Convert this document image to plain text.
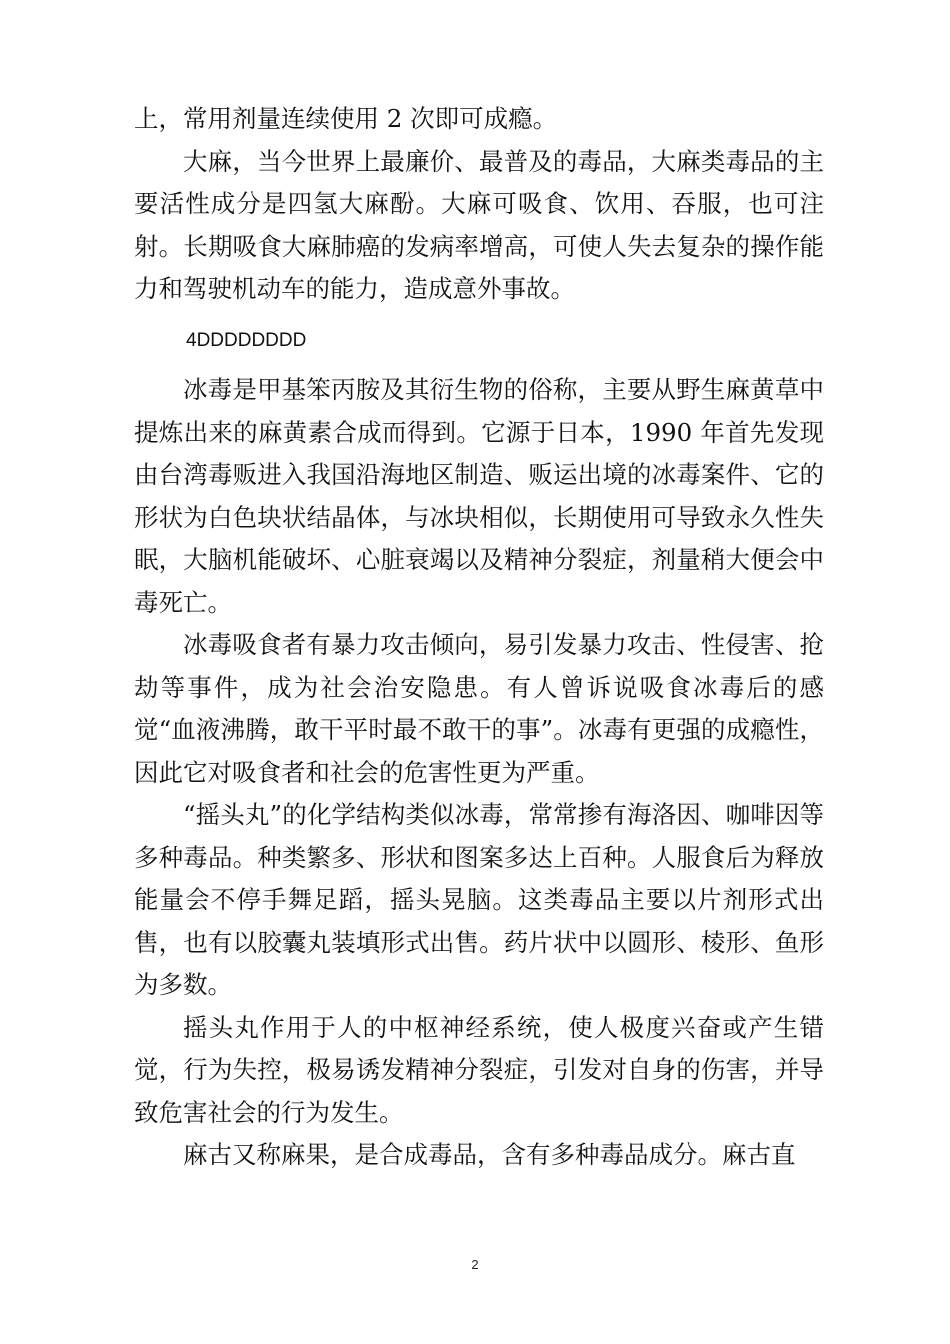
上，常用剂量连续使用 2 次即可成瘾。

大麻，当今世界上最廉价、最普及的毒品，大麻类毒品的主要活性成分是四氢大麻酚。大麻可吸食、饮用、吞服，也可注射。长期吸食大麻肺癌的发病率增高，可使人失去复杂的操作能力和驾驶机动车的能力，造成意外事故。

4DDDDDDDD

冰毒是甲基笨丙胺及其衍生物的俗称，主要从野生麻黄草中提炼出来的麻黄素合成而得到。它源于日本，1990 年首先发现由台湾毒贩进入我国沿海地区制造、贩运出境的冰毒案件、它的形状为白色块状结晶体，与冰块相似，长期使用可导致永久性失眠，大脑机能破坏、心脏衰竭以及精神分裂症，剂量稍大便会中毒死亡。

冰毒吸食者有暴力攻击倾向，易引发暴力攻击、性侵害、抢劫等事件，成为社会治安隐患。有人曾诉说吸食冰毒后的感觉“血液沸腾，敢干平时最不敢干的事”。冰毒有更强的成瘾性，因此它对吸食者和社会的危害性更为严重。

“摇头丸”的化学结构类似冰毒，常常掺有海洛因、咖啡因等多种毒品。种类繁多、形状和图案多达上百种。人服食后为释放能量会不停手舞足蹈，摇头晃脑。这类毒品主要以片剂形式出售，也有以胶囊丸装填形式出售。药片状中以圆形、棱形、鱼形为多数。

摇头丸作用于人的中枢神经系统，使人极度兴奋或产生错觉，行为失控，极易诱发精神分裂症，引发对自身的伤害，并导致危害社会的行为发生。

麻古又称麻果，是合成毒品，含有多种毒品成分。麻古直

2
